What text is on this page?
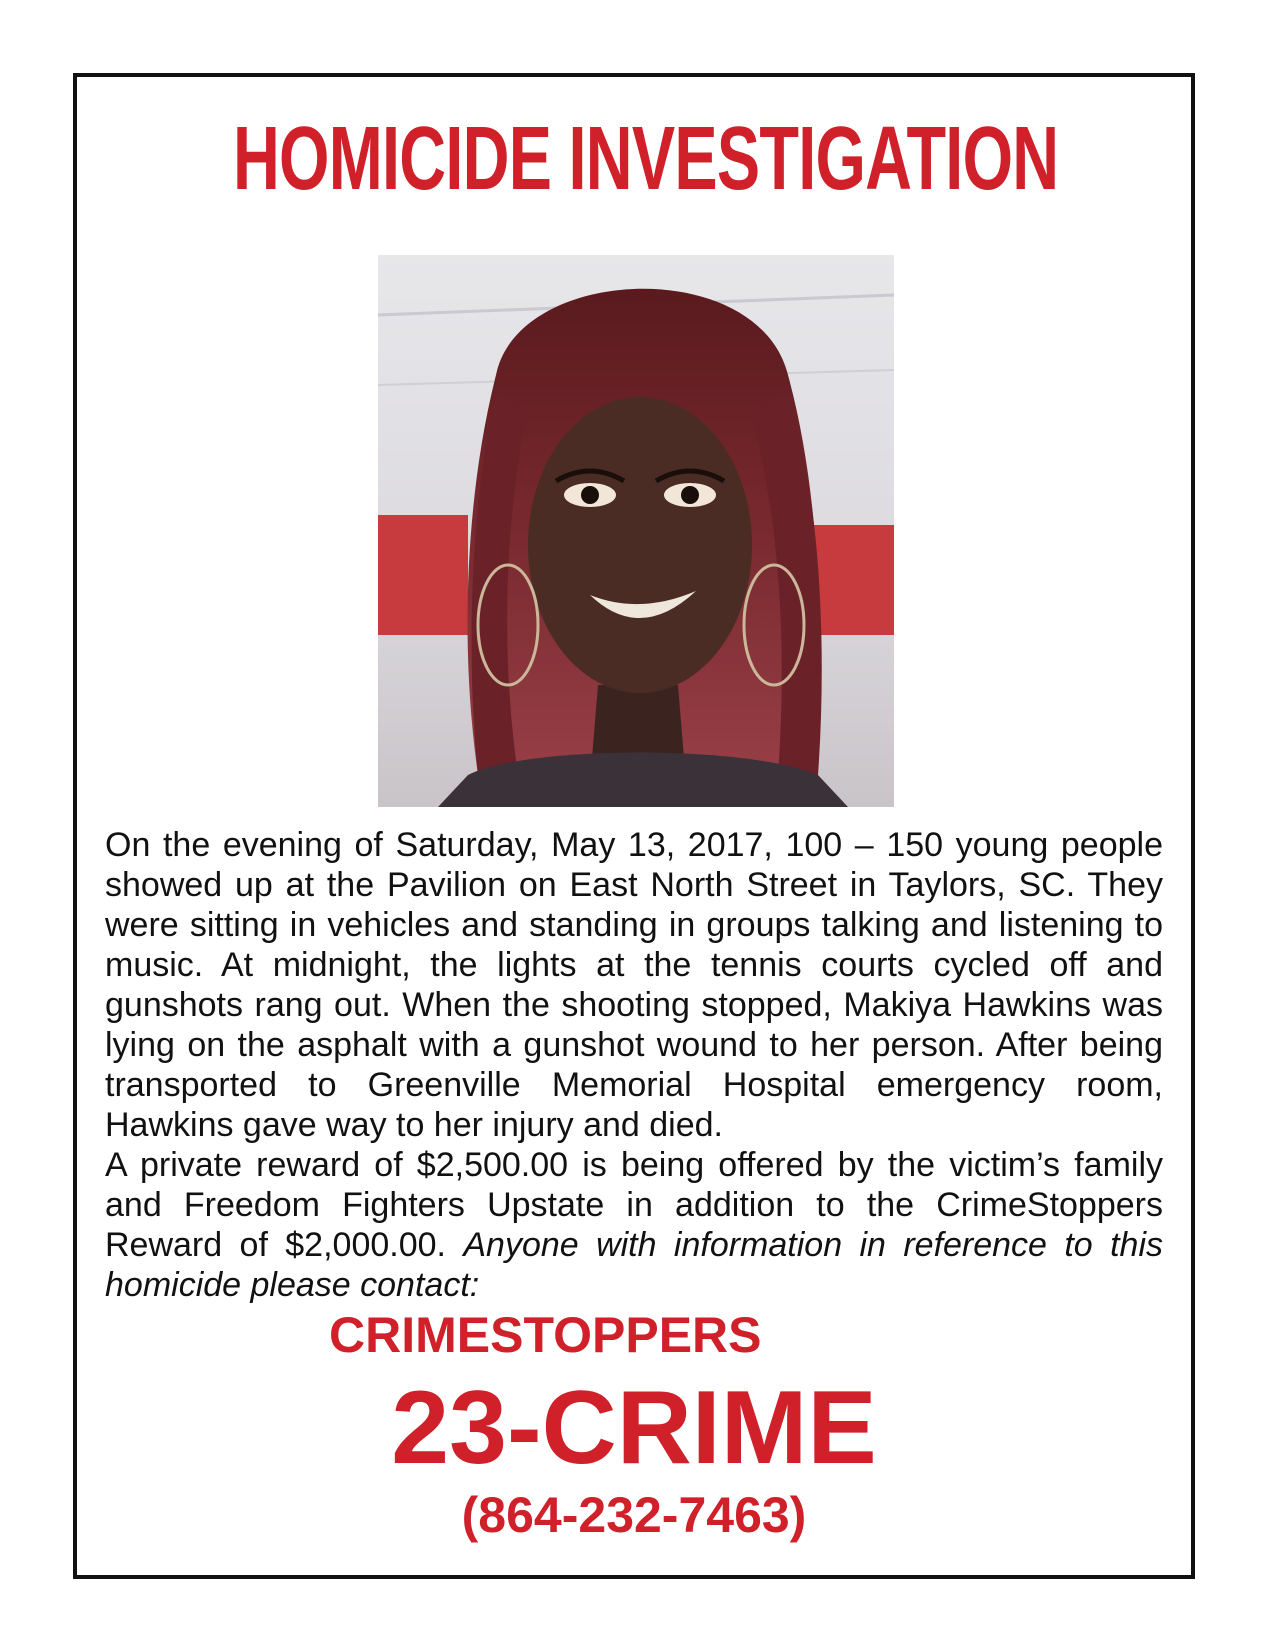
HOMICIDE INVESTIGATION

On the evening of Saturday, May 13, 2017, 100 – 150 young people showed up at the Pavilion on East North Street in Taylors, SC. They were sitting in vehicles and standing in groups talking and listening to music. At midnight, the lights at the tennis courts cycled off and gunshots rang out. When the shooting stopped, Makiya Hawkins was lying on the asphalt with a gunshot wound to her person. After being transported to Greenville Memorial Hospital emergency room, Hawkins gave way to her injury and died.

A private reward of $2,500.00 is being offered by the victim’s family and Freedom Fighters Upstate in addition to the CrimeStoppers Reward of $2,000.00. Anyone with information in reference to this homicide please contact:

CRIMESTOPPERS
23-CRIME
(864-232-7463)
